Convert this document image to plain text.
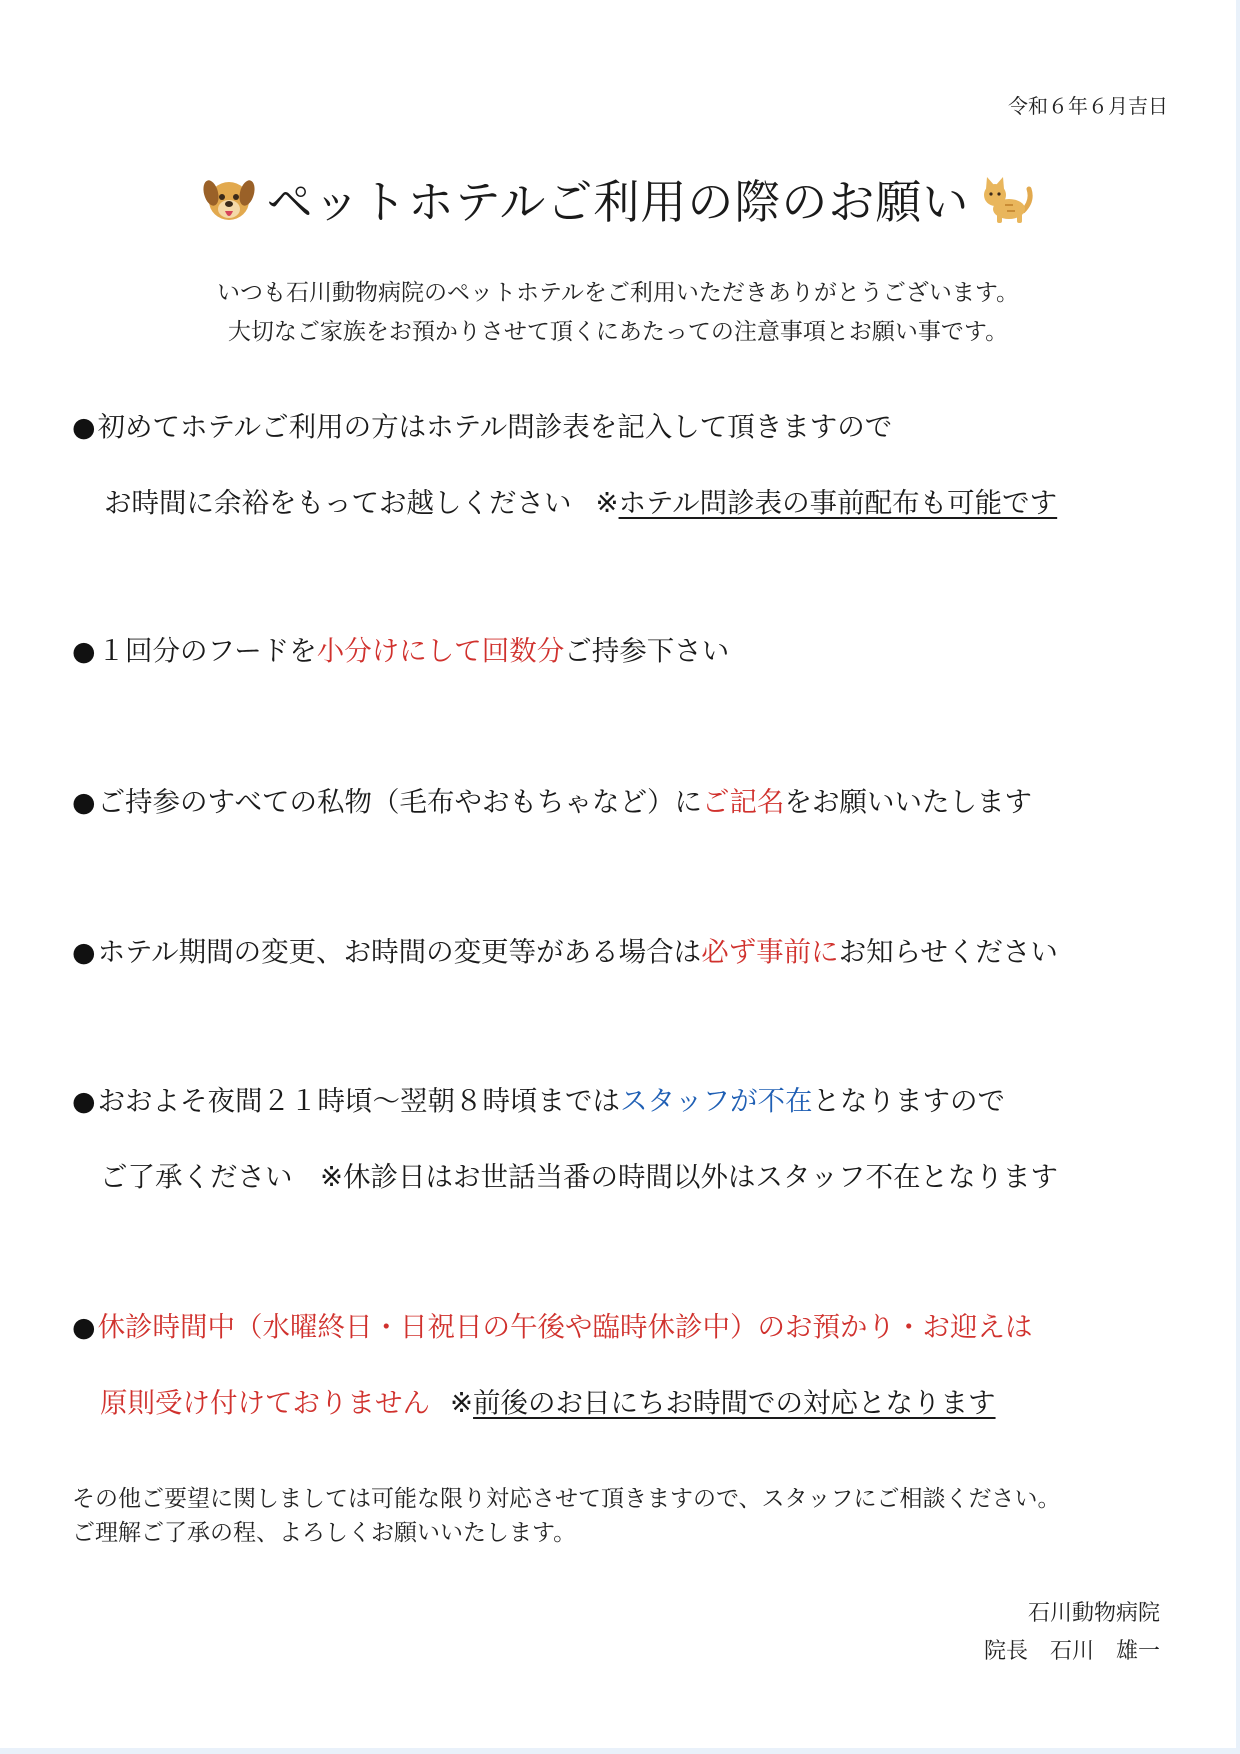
令和６年６月吉日
ペットホテルご利用の際のお願い
いつも石川動物病院のペットホテルをご利用いただきありがとうございます。
大切なご家族をお預かりさせて頂くにあたっての注意事項とお願い事です。
●初めてホテルご利用の方はホテル問診表を記入して頂きますので
お時間に余裕をもってお越しください ※ホテル問診表の事前配布も可能です
●１回分のフードを小分けにして回数分ご持参下さい
●ご持参のすべての私物（毛布やおもちゃなど）にご記名をお願いいたします
●ホテル期間の変更、お時間の変更等がある場合は必ず事前にお知らせください
●おおよそ夜間２１時頃～翌朝８時頃まではスタッフが不在となりますので
ご了承ください　※休診日はお世話当番の時間以外はスタッフ不在となります
●休診時間中（水曜終日・日祝日の午後や臨時休診中）のお預かり・お迎えは
原則受け付けておりません ※前後のお日にちお時間での対応となります
その他ご要望に関しましては可能な限り対応させて頂きますので、スタッフにご相談ください。
ご理解ご了承の程、よろしくお願いいたします。
石川動物病院
院長　石川　雄一
